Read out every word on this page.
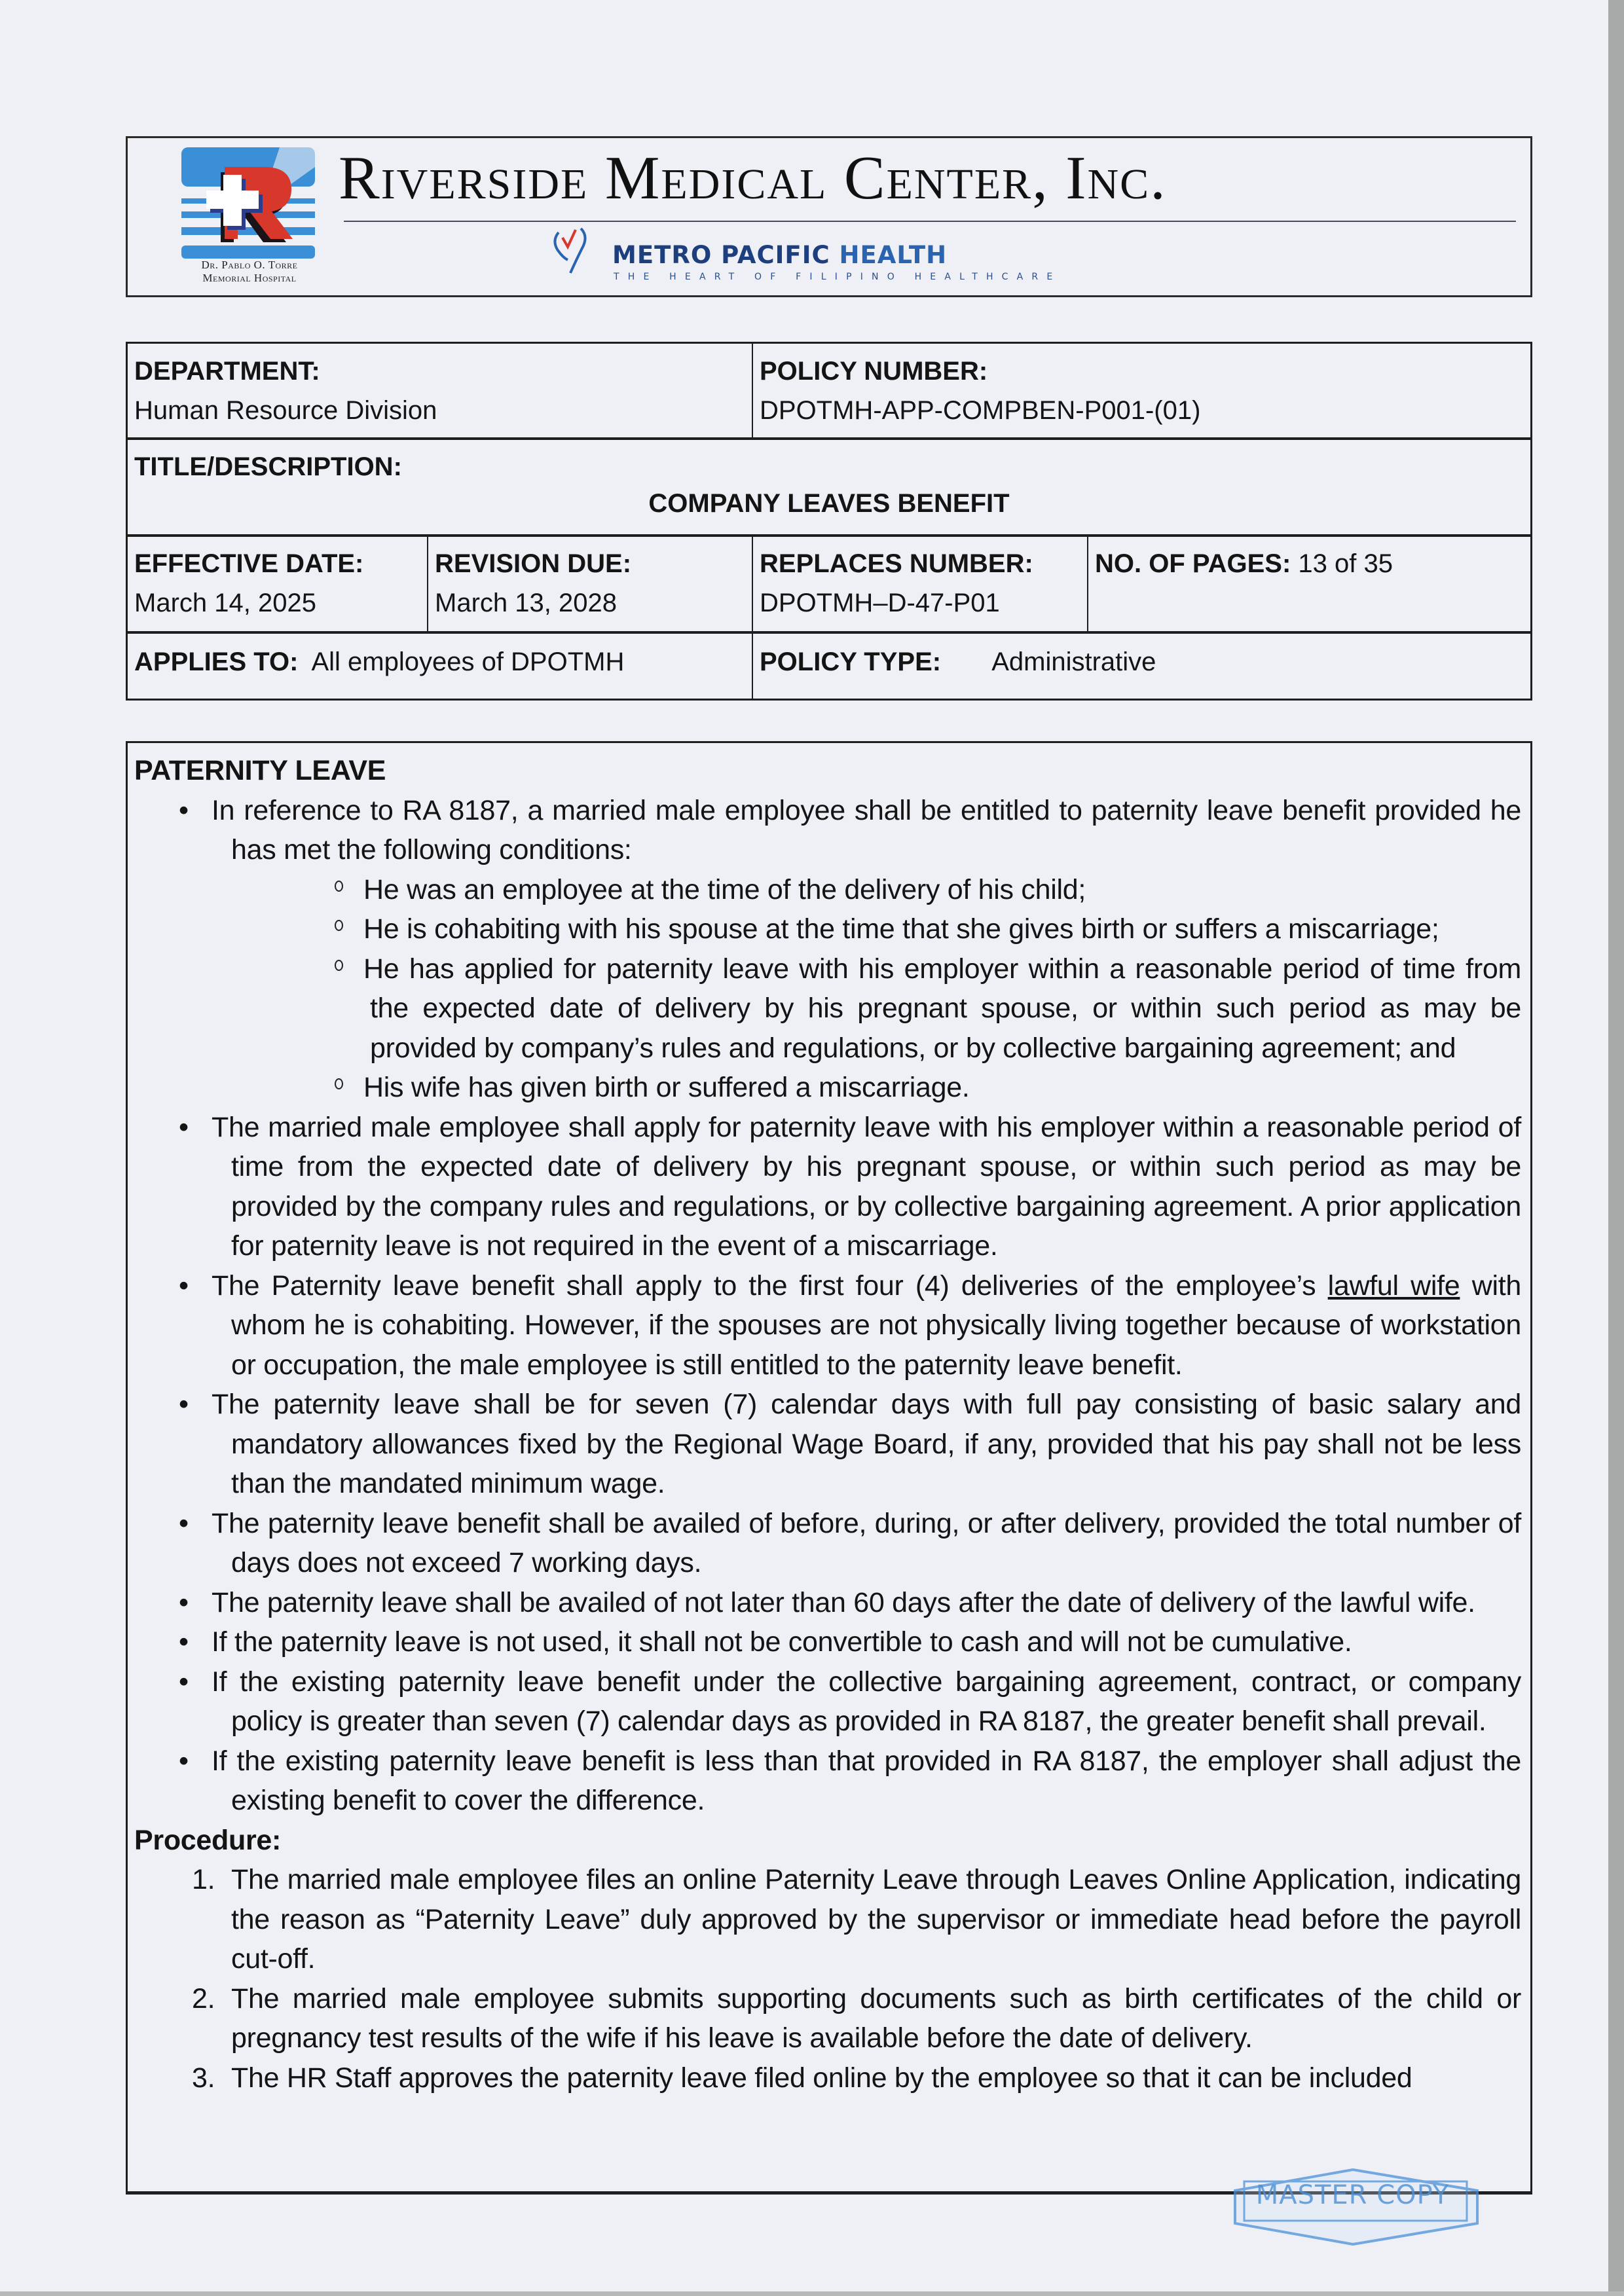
Dr. Pablo O. Torre
Memorial Hospital
Riverside Medical Center, Inc.
METRO PACIFIC HEALTH
THE HEART OF FILIPINO HEALTHCARE
DEPARTMENT:
Human Resource Division
POLICY NUMBER:
DPOTMH-APP-COMPBEN-P001-(01)
TITLE/DESCRIPTION:
COMPANY LEAVES BENEFIT
EFFECTIVE DATE:
March 14, 2025
REVISION DUE:
March 13, 2028
REPLACES NUMBER:
DPOTMH–D-47-P01
NO. OF PAGES: 13 of 35
APPLIES TO: All employees of DPOTMH	POLICY TYPE: Administrative

PATERNITY LEAVE

• In reference to RA 8187, a married male employee shall be entitled to paternity leave benefit provided he has met the following conditions:
He was an employee at the time of the delivery of his child;
He is cohabiting with his spouse at the time that she gives birth or suffers a miscarriage;
He has applied for paternity leave with his employer within a reasonable period of time from the expected date of delivery by his pregnant spouse, or within such period as may be provided by company’s rules and regulations, or by collective bargaining agreement; and
His wife has given birth or suffered a miscarriage.
• The married male employee shall apply for paternity leave with his employer within a reasonable period of time from the expected date of delivery by his pregnant spouse, or within such period as may be provided by the company rules and regulations, or by collective bargaining agreement. A prior application for paternity leave is not required in the event of a miscarriage.
• The Paternity leave benefit shall apply to the first four (4) deliveries of the employee’s lawful wife with whom he is cohabiting. However, if the spouses are not physically living together because of workstation or occupation, the male employee is still entitled to the paternity leave benefit.
• The paternity leave shall be for seven (7) calendar days with full pay consisting of basic salary and mandatory allowances fixed by the Regional Wage Board, if any, provided that his pay shall not be less than the mandated minimum wage.
• The paternity leave benefit shall be availed of before, during, or after delivery, provided the total number of days does not exceed 7 working days.
• The paternity leave shall be availed of not later than 60 days after the date of delivery of the lawful wife.
• If the paternity leave is not used, it shall not be convertible to cash and will not be cumulative.
• If the existing paternity leave benefit under the collective bargaining agreement, contract, or company policy is greater than seven (7) calendar days as provided in RA 8187, the greater benefit shall prevail.
• If the existing paternity leave benefit is less than that provided in RA 8187, the employer shall adjust the existing benefit to cover the difference.

Procedure:

1. The married male employee files an online Paternity Leave through Leaves Online Application, indicating the reason as “Paternity Leave” duly approved by the supervisor or immediate head before the payroll cut-off.
2. The married male employee submits supporting documents such as birth certificates of the child or pregnancy test results of the wife if his leave is available before the date of delivery.
3. The HR Staff approves the paternity leave filed online by the employee so that it can be included
MASTER COPY
